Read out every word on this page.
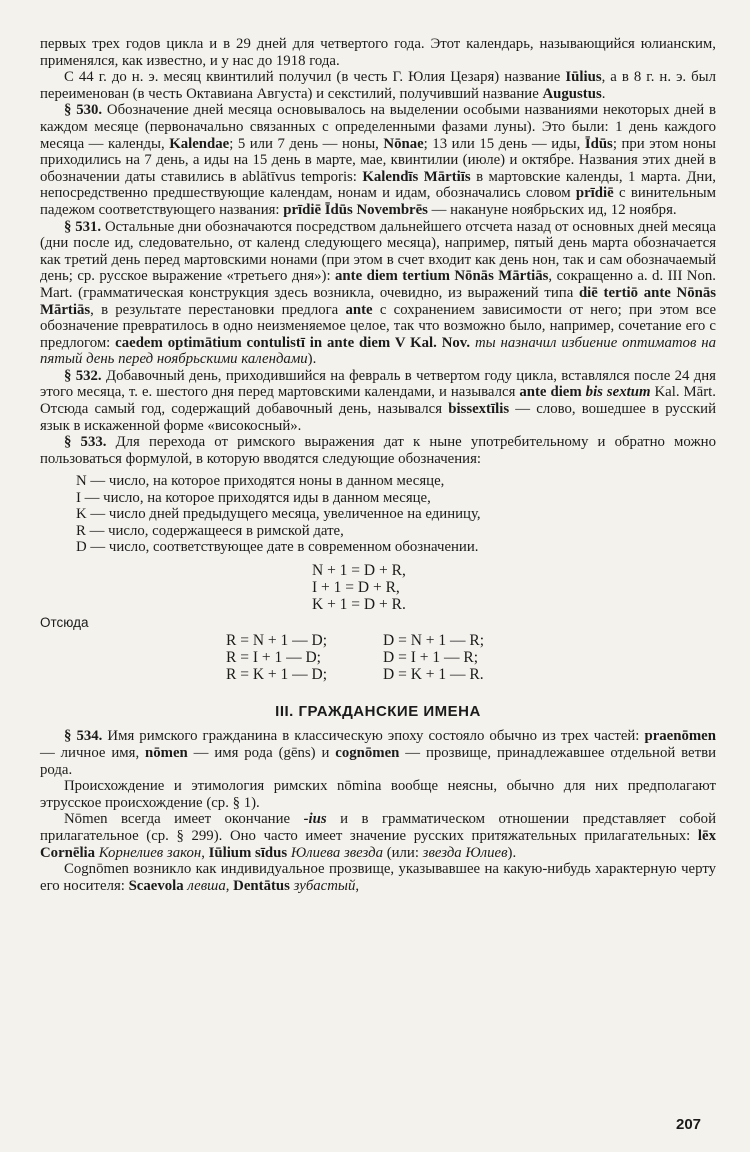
первых трех годов цикла и в 29 дней для четвертого года. Этот календарь, называющийся юлианским, применялся, как известно, и у нас до 1918 года.

С 44 г. до н. э. месяц квинтилий получил (в честь Г. Юлия Цезаря) название Iūlius, а в 8 г. н. э. был переименован (в честь Октавиана Августа) и секстилий, получивший название Augustus.

§ 530. Обозначение дней месяца основывалось на выделении особыми названиями некоторых дней в каждом месяце (первоначально связанных с определенными фазами луны). Это были: 1 день каждого месяца — календы, Kalendae; 5 или 7 день — ноны, Nōnae; 13 или 15 день — иды, Īdūs; при этом ноны приходились на 7 день, а иды на 15 день в марте, мае, квинтилии (июле) и октябре. Названия этих дней в обозначении даты ставились в ablātīvus temporis: Kalendīs Mārtiīs в мартовские календы, 1 марта. Дни, непосредственно предшествующие календам, нонам и идам, обозначались словом prīdiē с винительным падежом соответствующего названия: prīdiē Īdūs Novembrēs — накануне ноябрьских ид, 12 ноября.

§ 531. Остальные дни обозначаются посредством дальнейшего отсчета назад от основных дней месяца (дни после ид, следовательно, от календ следующего месяца), например, пятый день марта обозначается как третий день перед мартовскими нонами (при этом в счет входит как день нон, так и сам обозначаемый день; ср. русское выражение «третьего дня»): ante diem tertium Nōnās Mārtiās, сокращенно a. d. III Non. Mart. (грамматическая конструкция здесь возникла, очевидно, из выражений типа diē tertiō ante Nōnās Mārtiās, в результате перестановки предлога ante с сохранением зависимости от него; при этом все обозначение превратилось в одно неизменяемое целое, так что возможно было, например, сочетание его с предлогом: caedem optimātium contulistī in ante diem V Kal. Nov. ты назначил избиение оптиматов на пятый день перед ноябрьскими календами).

§ 532. Добавочный день, приходившийся на февраль в четвертом году цикла, вставлялся после 24 дня этого месяца, т. е. шестого дня перед мартовскими календами, и назывался ante diem bis sextum Kal. Mārt. Отсюда самый год, содержащий добавочный день, назывался bissextīlis — слово, вошедшее в русский язык в искаженной форме «високосный».

§ 533. Для перехода от римского выражения дат к ныне употребительному и обратно можно пользоваться формулой, в которую вводятся следующие обозначения:

N — число, на которое приходятся ноны в данном месяце,
I — число, на которое приходятся иды в данном месяце,
K — число дней предыдущего месяца, увеличенное на единицу,
R — число, содержащееся в римской дате,
D — число, соответствующее дате в современном обозначении.
N + 1 = D + R,
I + 1 = D + R,
K + 1 = D + R.
Отсюда
R = N + 1 — D;
R = I + 1 — D;
R = K + 1 — D;
D = N + 1 — R;
D = I + 1 — R;
D = K + 1 — R.
III. ГРАЖДАНСКИЕ ИМЕНА

§ 534. Имя римского гражданина в классическую эпоху состояло обычно из трех частей: praenōmen — личное имя, nōmen — имя рода (gēns) и cognōmen — прозвище, принадлежавшее отдельной ветви рода.

Происхождение и этимология римских nōmina вообще неясны, обычно для них предполагают этрусское происхождение (ср. § 1).

Nōmen всегда имеет окончание -ius и в грамматическом отношении представляет собой прилагательное (ср. § 299). Оно часто имеет значение русских притяжательных прилагательных: lēx Cornēlia Корнелиев закон, Iūlium sīdus Юлиева звезда (или: звезда Юлиев).

Cognōmen возникло как индивидуальное прозвище, указывавшее на какую-нибудь характерную черту его носителя: Scaevola левша, Dentātus зубастый,

207
